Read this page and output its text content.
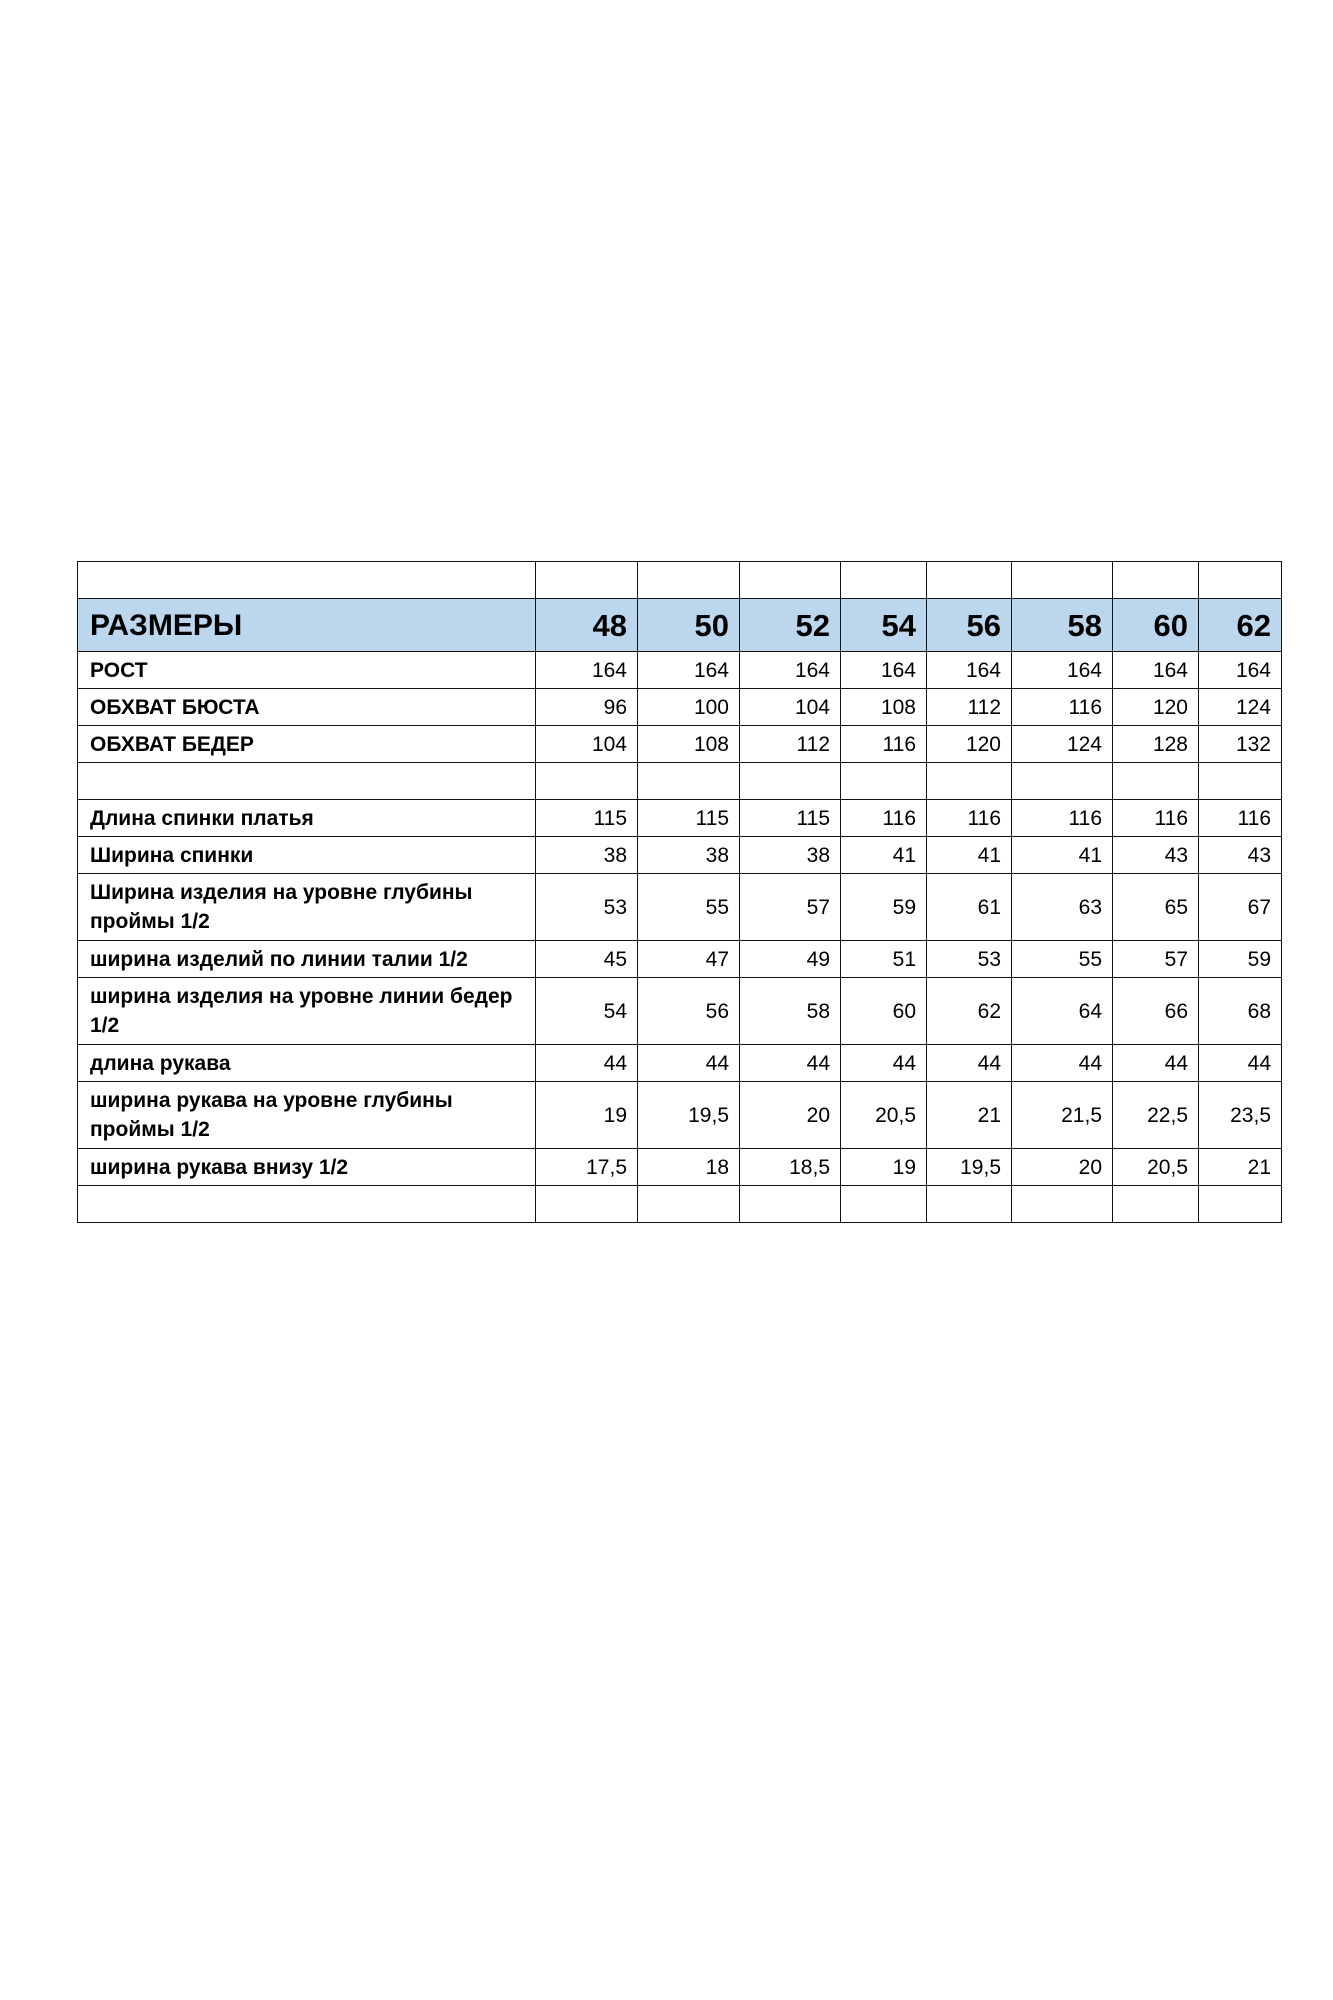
РАЗМЕРЫ	48	50	52	54	56	58	60	62
РОСТ	164	164	164	164	164	164	164	164
ОБХВАТ БЮСТА	96	100	104	108	112	116	120	124
ОБХВАТ БЕДЕР	104	108	112	116	120	124	128	132

Длина спинки платья	115	115	115	116	116	116	116	116
Ширина спинки	38	38	38	41	41	41	43	43
Ширина изделия на уровне глубины проймы 1/2	53	55	57	59	61	63	65	67
ширина изделий по линии талии 1/2	45	47	49	51	53	55	57	59
ширина изделия на уровне линии бедер 1/2	54	56	58	60	62	64	66	68
длина рукава	44	44	44	44	44	44	44	44
ширина рукава на уровне глубины проймы 1/2	19	19,5	20	20,5	21	21,5	22,5	23,5
ширина рукава внизу 1/2	17,5	18	18,5	19	19,5	20	20,5	21
